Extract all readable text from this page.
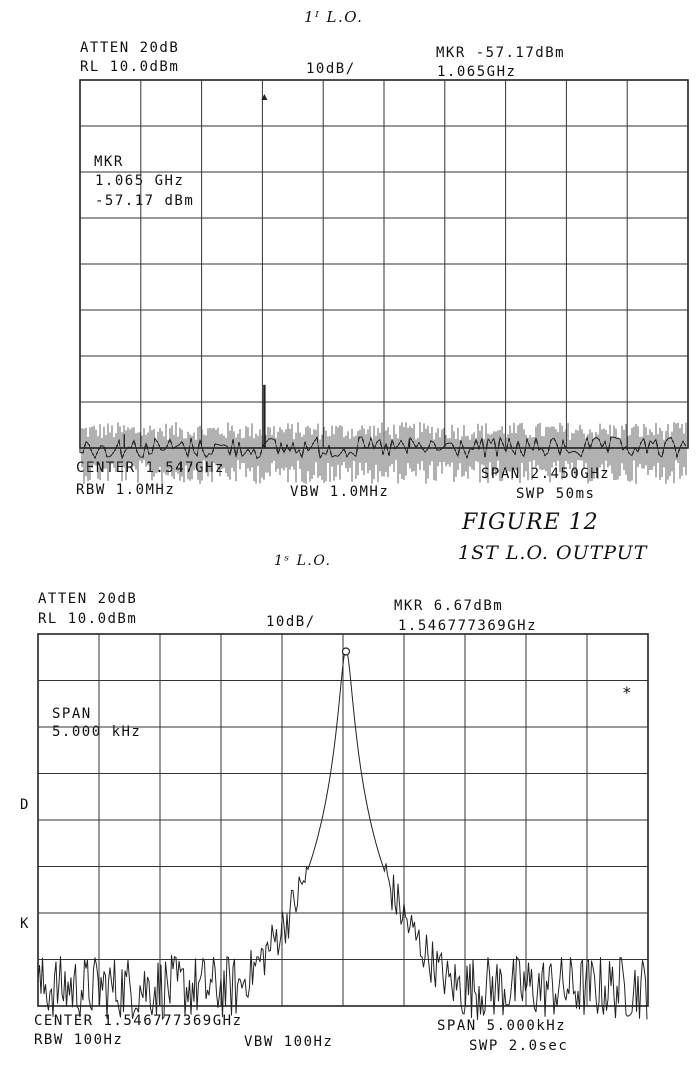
1ᴵ L.O.
ATTEN 20dB
RL 10.0dBm	10dB/
MKR -57.17dBm
1.065GHz
MKR
1.065 GHz
-57.17 dBm
CENTER 1.547GHz
RBW 1.0MHz	VBW 1.0MHz
SPAN 2.450GHz
SWP 50ms
FIGURE 12
1ST L.O. OUTPUT
1ˢ L.O.
ATTEN 20dB
RL 10.0dBm	10dB/
MKR 6.67dBm
1.546777369GHz
SPAN
5.000 kHz
D
K
*
CENTER 1.546777369GHz
RBW 100Hz	VBW 100Hz
SPAN 5.000kHz
SWP 2.0sec
